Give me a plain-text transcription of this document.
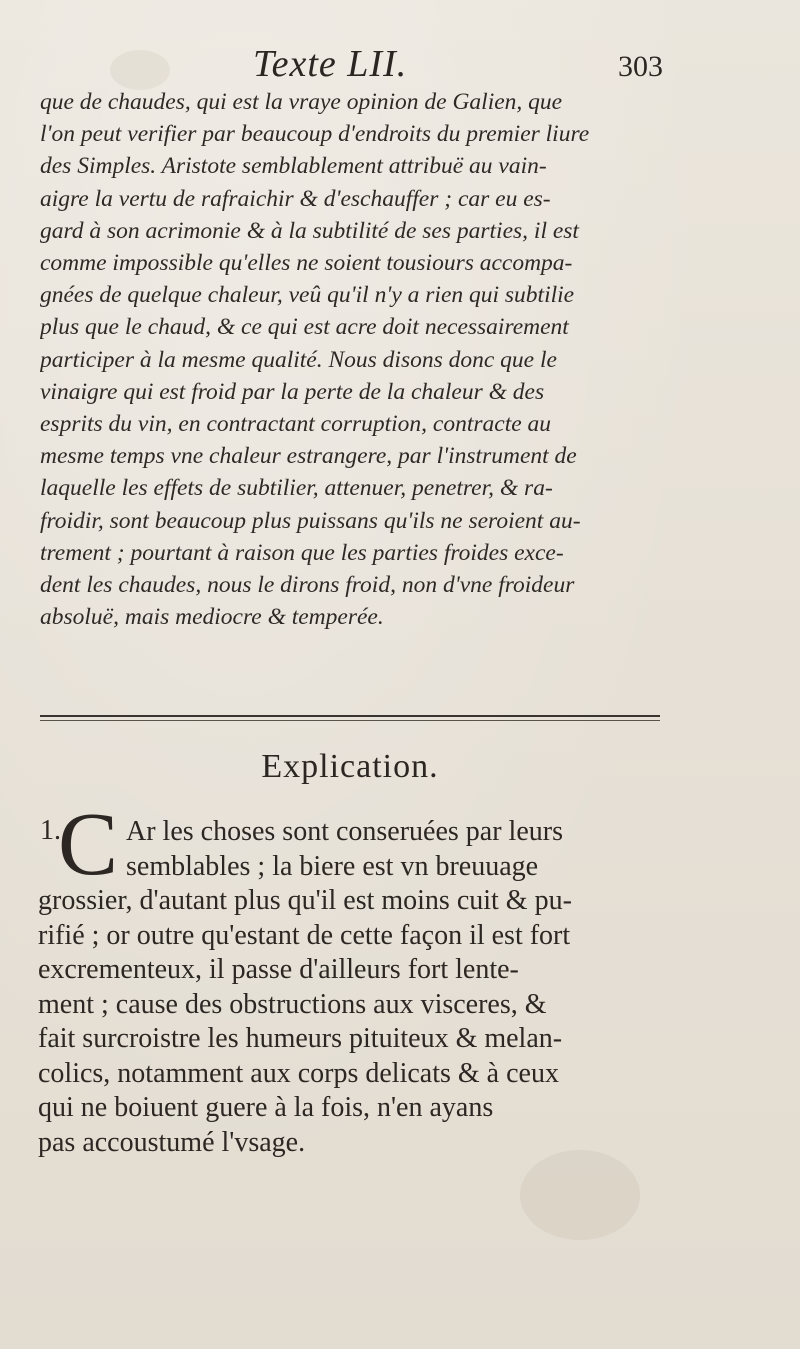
Texte LII.	303
que de chaudes, qui est la vraye opinion de Galien, que
l'on peut verifier par beaucoup d'endroits du premier liure
des Simples. Aristote semblablement attribuë au vain-
aigre la vertu de rafraichir & d'eschauffer ; car eu es-
gard à son acrimonie & à la subtilité de ses parties, il est
comme impossible qu'elles ne soient tousiours accompa-
gnées de quelque chaleur, veû qu'il n'y a rien qui subtilie
plus que le chaud, & ce qui est acre doit necessairement
participer à la mesme qualité. Nous disons donc que le
vinaigre qui est froid par la perte de la chaleur & des
esprits du vin, en contractant corruption, contracte au
mesme temps vne chaleur estrangere, par l'instrument de
laquelle les effets de subtilier, attenuer, penetrer, & ra-
froidir, sont beaucoup plus puissans qu'ils ne seroient au-
trement ; pourtant à raison que les parties froides exce-
dent les chaudes, nous le dirons froid, non d'vne froideur
absoluë, mais mediocre & temperée.
Explication.
1.
C Ar les choses sont conseruées par leurs
semblables ; la biere est vn breuuage
grossier, d'autant plus qu'il est moins cuit & pu-
rifié ; or outre qu'estant de cette façon il est fort
excrementeux, il passe d'ailleurs fort lente-
ment ; cause des obstructions aux visceres, &
fait surcroistre les humeurs pituiteux & melan-
colics, notamment aux corps delicats & à ceux
qui ne boiuent guere à la fois, n'en ayans
pas accoustumé l'vsage.
